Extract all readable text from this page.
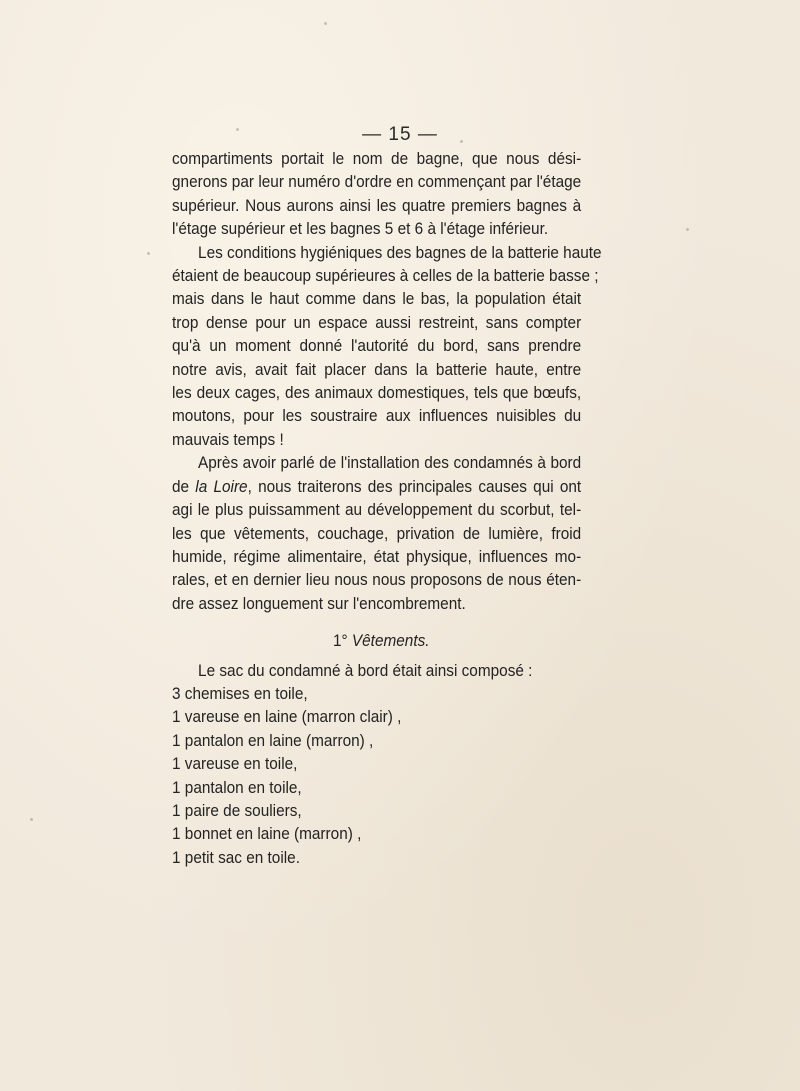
— 15 —

compartiments portait le nom de bagne, que nous dési-
gnerons par leur numéro d'ordre en commençant par l'étage
supérieur. Nous aurons ainsi les quatre premiers bagnes à
l'étage supérieur et les bagnes 5 et 6 à l'étage inférieur.

Les conditions hygiéniques des bagnes de la batterie haute
étaient de beaucoup supérieures à celles de la batterie basse ;
mais dans le haut comme dans le bas, la population était
trop dense pour un espace aussi restreint, sans compter
qu'à un moment donné l'autorité du bord, sans prendre
notre avis, avait fait placer dans la batterie haute, entre
les deux cages, des animaux domestiques, tels que bœufs,
moutons, pour les soustraire aux influences nuisibles du
mauvais temps !

Après avoir parlé de l'installation des condamnés à bord
de la Loire, nous traiterons des principales causes qui ont
agi le plus puissamment au développement du scorbut, tel-
les que vêtements, couchage, privation de lumière, froid
humide, régime alimentaire, état physique, influences mo-
rales, et en dernier lieu nous nous proposons de nous éten-
dre assez longuement sur l'encombrement.

1° Vêtements.
Le sac du condamné à bord était ainsi composé :
3 chemises en toile,
1 vareuse en laine (marron clair) ,
1 pantalon en laine (marron) ,
1 vareuse en toile,
1 pantalon en toile,
1 paire de souliers,
1 bonnet en laine (marron) ,
1 petit sac en toile.
